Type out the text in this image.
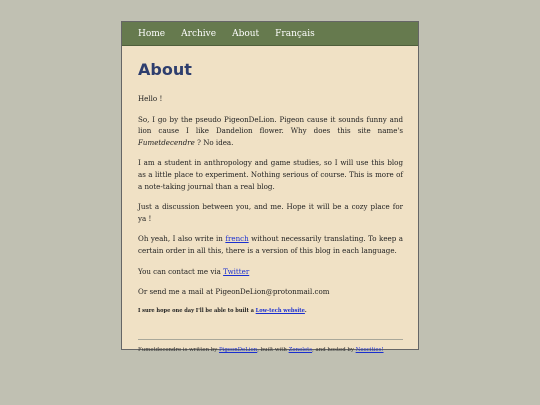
Home Archive About Français
About

Hello !

So, I go by the pseudo PigeonDeLion. Pigeon cause it sounds funny and lion cause I like Dandelion flower. Why does this site name's Fumetdecendre ? No idea.

I am a student in anthropology and game studies, so I will use this blog as a little place to experiment. Nothing serious of course. This is more of a note-taking journal than a real blog.

Just a discussion between you, and me. Hope it will be a cozy place for ya !

Oh yeah, I also write in french without necessarily translating. To keep a certain order in all this, there is a version of this blog in each language.

You can contact me via Twitter

Or send me a mail at PigeonDeLion@protonmail.com

I sure hope one day I'll be able to built a Low-tech website.

Fumetdecendre is written by PigeonDeLion, built with Zonelets, and hosted by Neocities!
